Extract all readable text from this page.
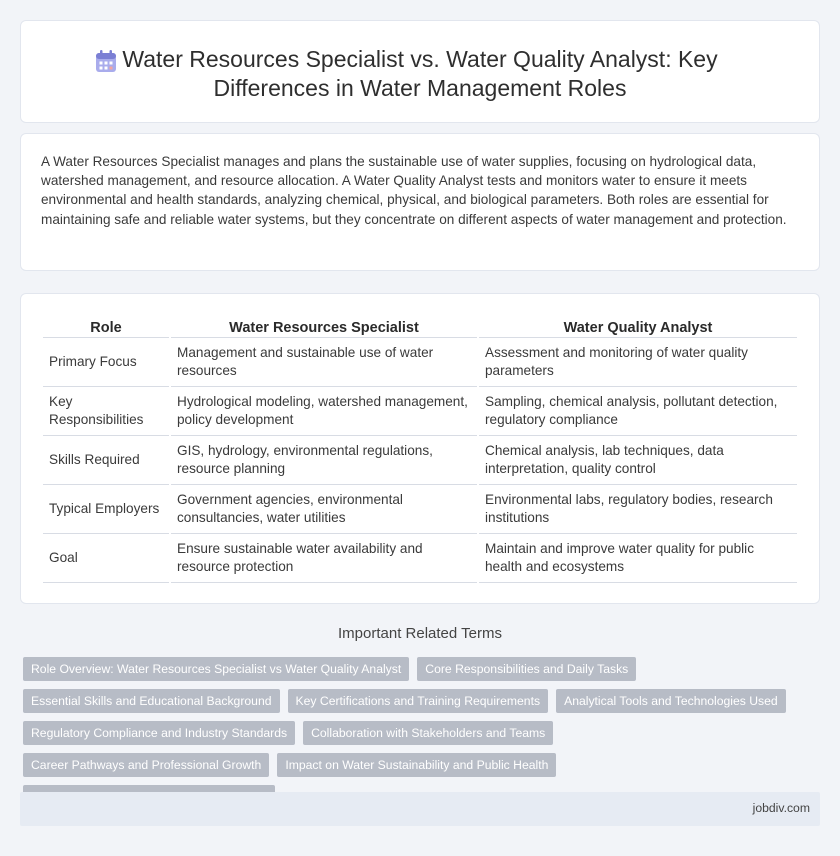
Water Resources Specialist vs. Water Quality Analyst: Key Differences in Water Management Roles

A Water Resources Specialist manages and plans the sustainable use of water supplies, focusing on hydrological data, watershed management, and resource allocation. A Water Quality Analyst tests and monitors water to ensure it meets environmental and health standards, analyzing chemical, physical, and biological parameters. Both roles are essential for maintaining safe and reliable water systems, but they concentrate on different aspects of water management and protection.

Role	Water Resources Specialist	Water Quality Analyst
Primary Focus	Management and sustainable use of water resources	Assessment and monitoring of water quality parameters
Key Responsibilities	Hydrological modeling, watershed management, policy development	Sampling, chemical analysis, pollutant detection, regulatory compliance
Skills Required	GIS, hydrology, environmental regulations, resource planning	Chemical analysis, lab techniques, data interpretation, quality control
Typical Employers	Government agencies, environmental consultancies, water utilities	Environmental labs, regulatory bodies, research institutions
Goal	Ensure sustainable water availability and resource protection	Maintain and improve water quality for public health and ecosystems
Important Related Terms
Role Overview: Water Resources Specialist vs Water Quality Analyst	Core Responsibilities and Daily Tasks
Essential Skills and Educational Background	Key Certifications and Training Requirements	Analytical Tools and Technologies Used
Regulatory Compliance and Industry Standards	Collaboration with Stakeholders and Teams
Career Pathways and Professional Growth	Impact on Water Sustainability and Public Health
jobdiv.com
